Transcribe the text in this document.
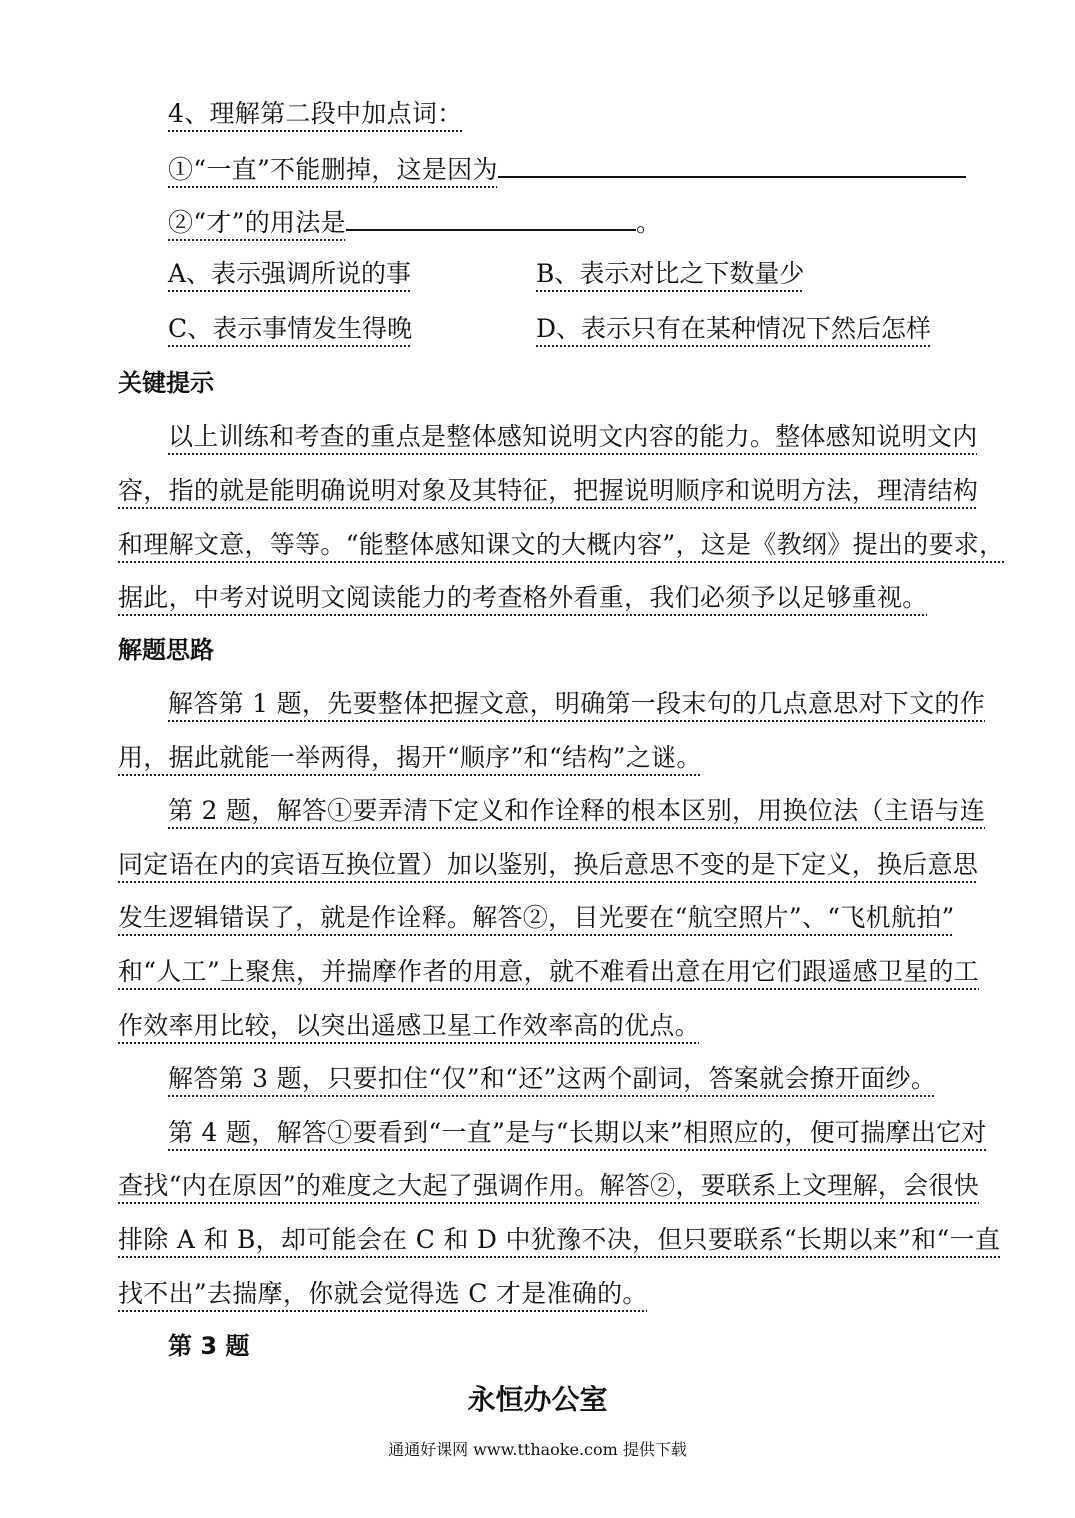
4、理解第二段中加点词：
①“一直”不能删掉，这是因为
②“才”的用法是	。
A、表示强调所说的事	B、表示对比之下数量少
C、表示事情发生得晚	D、表示只有在某种情况下然后怎样
关键提示
以上训练和考查的重点是整体感知说明文内容的能力。整体感知说明文内
容，指的就是能明确说明对象及其特征，把握说明顺序和说明方法，理清结构
和理解文意，等等。“能整体感知课文的大概内容”，这是《教纲》提出的要求，
据此，中考对说明文阅读能力的考查格外看重，我们必须予以足够重视。
解题思路
解答第 1 题，先要整体把握文意，明确第一段末句的几点意思对下文的作
用，据此就能一举两得，揭开“顺序”和“结构”之谜。
第 2 题，解答①要弄清下定义和作诠释的根本区别，用换位法（主语与连
同定语在内的宾语互换位置）加以鉴别，换后意思不变的是下定义，换后意思
发生逻辑错误了，就是作诠释。解答②，目光要在“航空照片”、“飞机航拍”
和“人工”上聚焦，并揣摩作者的用意，就不难看出意在用它们跟遥感卫星的工
作效率用比较，以突出遥感卫星工作效率高的优点。
解答第 3 题，只要扣住“仅”和“还”这两个副词，答案就会撩开面纱。
第 4 题，解答①要看到“一直”是与“长期以来”相照应的，便可揣摩出它对
查找“内在原因”的难度之大起了强调作用。解答②，要联系上文理解，会很快
排除 A 和 B，却可能会在 C 和 D 中犹豫不决，但只要联系“长期以来”和“一直
找不出”去揣摩，你就会觉得选 C 才是准确的。
第 3 题
永恒办公室
通通好课网 www.tthaoke.com 提供下载
